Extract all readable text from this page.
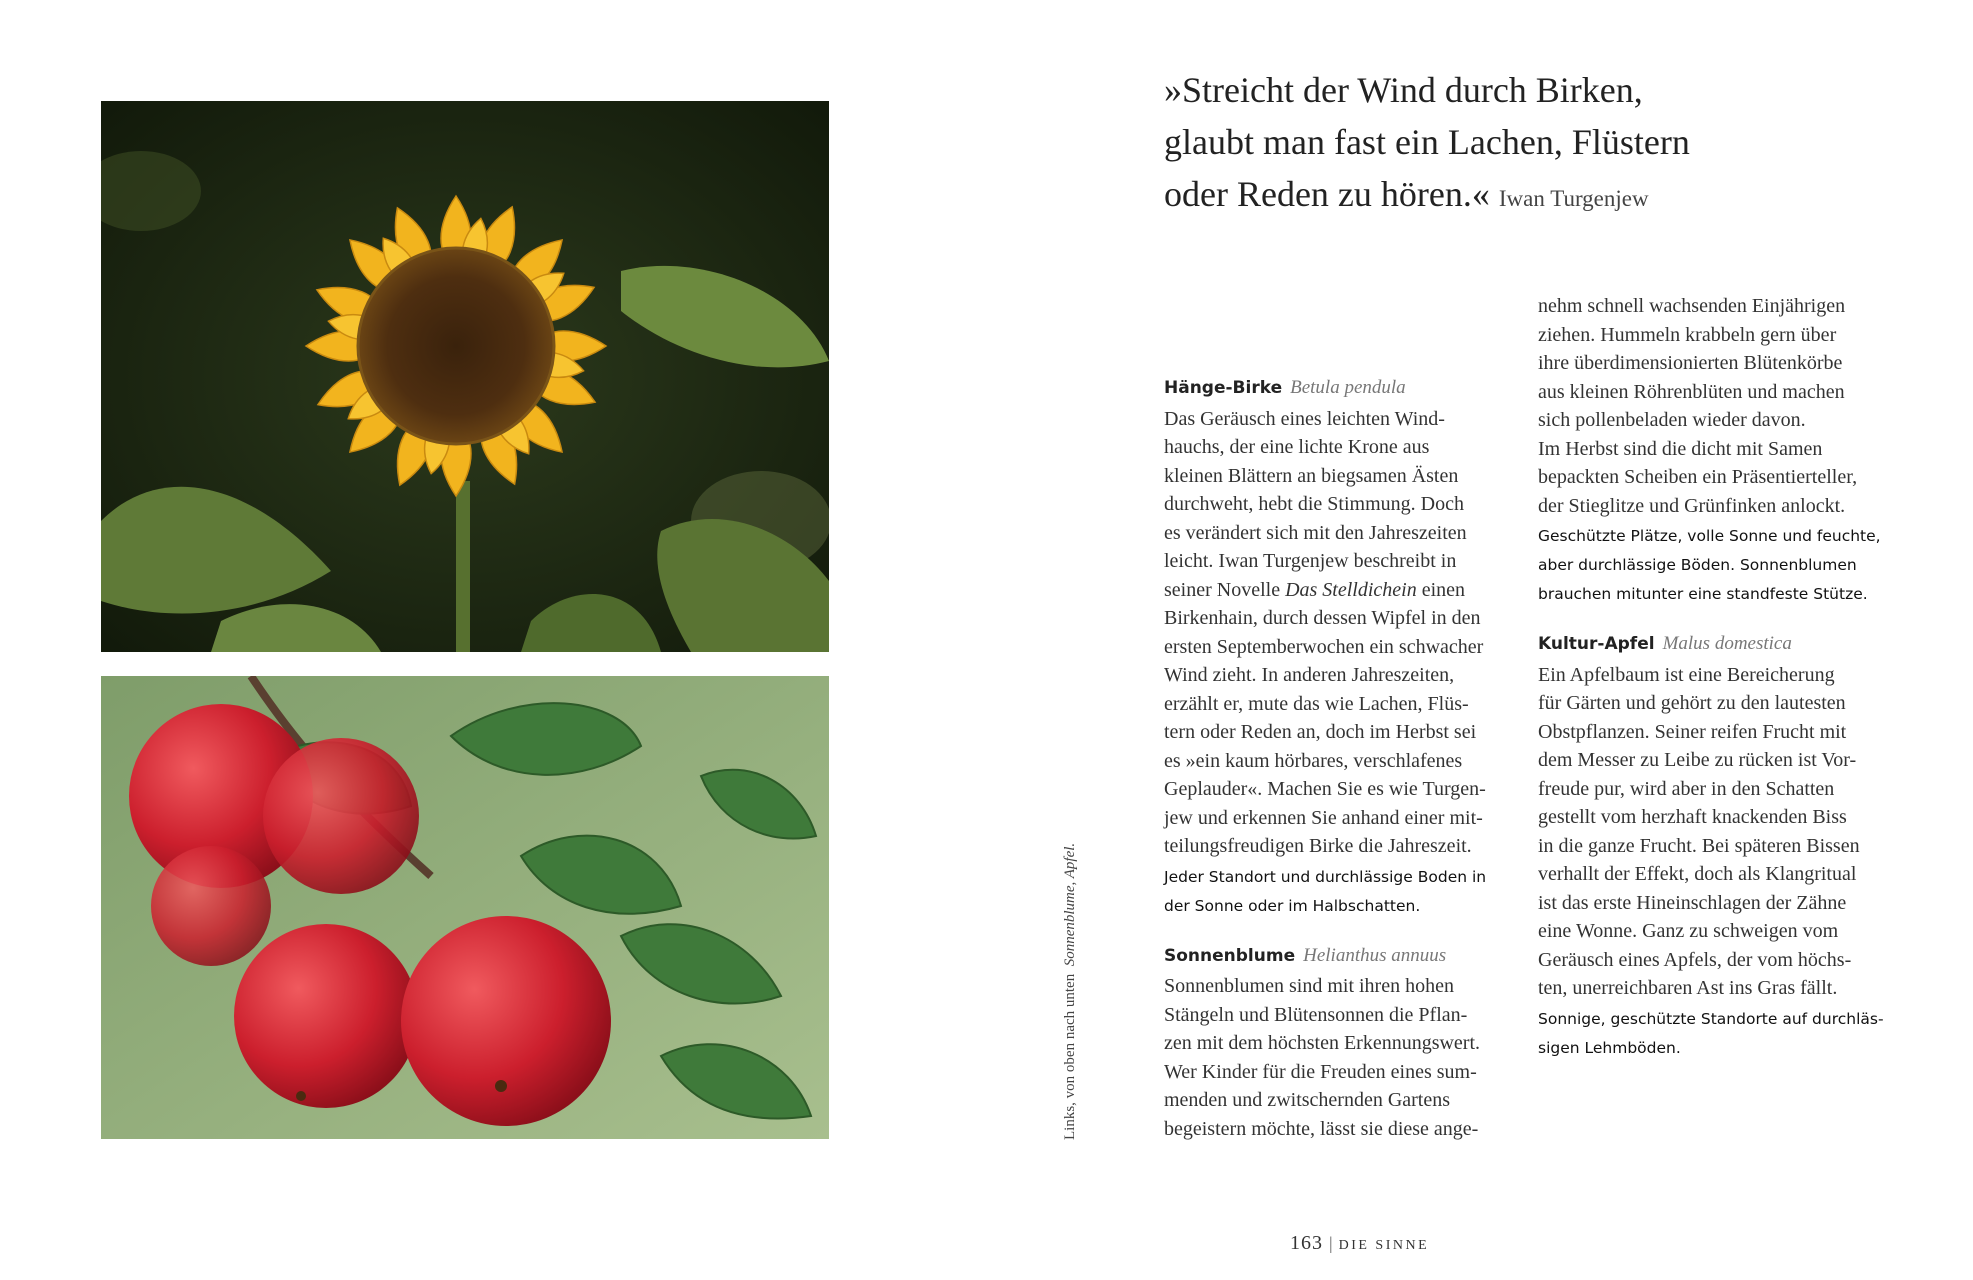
Links, von oben nach unten  Sonnenblume, Apfel.
»Streicht der Wind durch Birken,
glaubt man fast ein Lachen, Flüstern
oder Reden zu hören.« Iwan Turgenjew
Hänge-Birke Betula pendula

Das Geräusch eines leichten Wind-

hauchs, der eine lichte Krone aus

kleinen Blättern an biegsamen Ästen

durchweht, hebt die Stimmung. Doch

es verändert sich mit den Jahreszeiten

leicht. Iwan Turgenjew beschreibt in

seiner Novelle Das Stelldichein einen

Birkenhain, durch dessen Wipfel in den

ersten Septemberwochen ein schwacher

Wind zieht. In anderen Jahreszeiten,

erzählt er, mute das wie Lachen, Flüs-

tern oder Reden an, doch im Herbst sei

es »ein kaum hörbares, verschlafenes

Geplauder«. Machen Sie es wie Turgen-

jew und erkennen Sie anhand einer mit-

teilungsfreudigen Birke die Jahreszeit.

Jeder Standort und durchlässige Boden in
der Sonne oder im Halbschatten.
Sonnenblume Helianthus annuus

Sonnenblumen sind mit ihren hohen

Stängeln und Blütensonnen die Pflan-

zen mit dem höchsten Erkennungswert.

Wer Kinder für die Freuden eines sum-

menden und zwitschernden Gartens

begeistern möchte, lässt sie diese ange-

nehm schnell wachsenden Einjährigen

ziehen. Hummeln krabbeln gern über

ihre überdimensionierten Blütenkörbe

aus kleinen Röhrenblüten und machen

sich pollenbeladen wieder davon.

Im Herbst sind die dicht mit Samen

bepackten Scheiben ein Präsentierteller,

der Stieglitze und Grünfinken anlockt.

Geschützte Plätze, volle Sonne und feuchte,
aber durchlässige Böden. Sonnenblumen
brauchen mitunter eine standfeste Stütze.
Kultur-Apfel Malus domestica

Ein Apfelbaum ist eine Bereicherung

für Gärten und gehört zu den lautesten

Obstpflanzen. Seiner reifen Frucht mit

dem Messer zu Leibe zu rücken ist Vor-

freude pur, wird aber in den Schatten

gestellt vom herzhaft knackenden Biss

in die ganze Frucht. Bei späteren Bissen

verhallt der Effekt, doch als Klangritual

ist das erste Hineinschlagen der Zähne

eine Wonne. Ganz zu schweigen vom

Geräusch eines Apfels, der vom höchs-

ten, unerreichbaren Ast ins Gras fällt.

Sonnige, geschützte Standorte auf durchläs-
sigen Lehmböden.
163 | DIE SINNE
